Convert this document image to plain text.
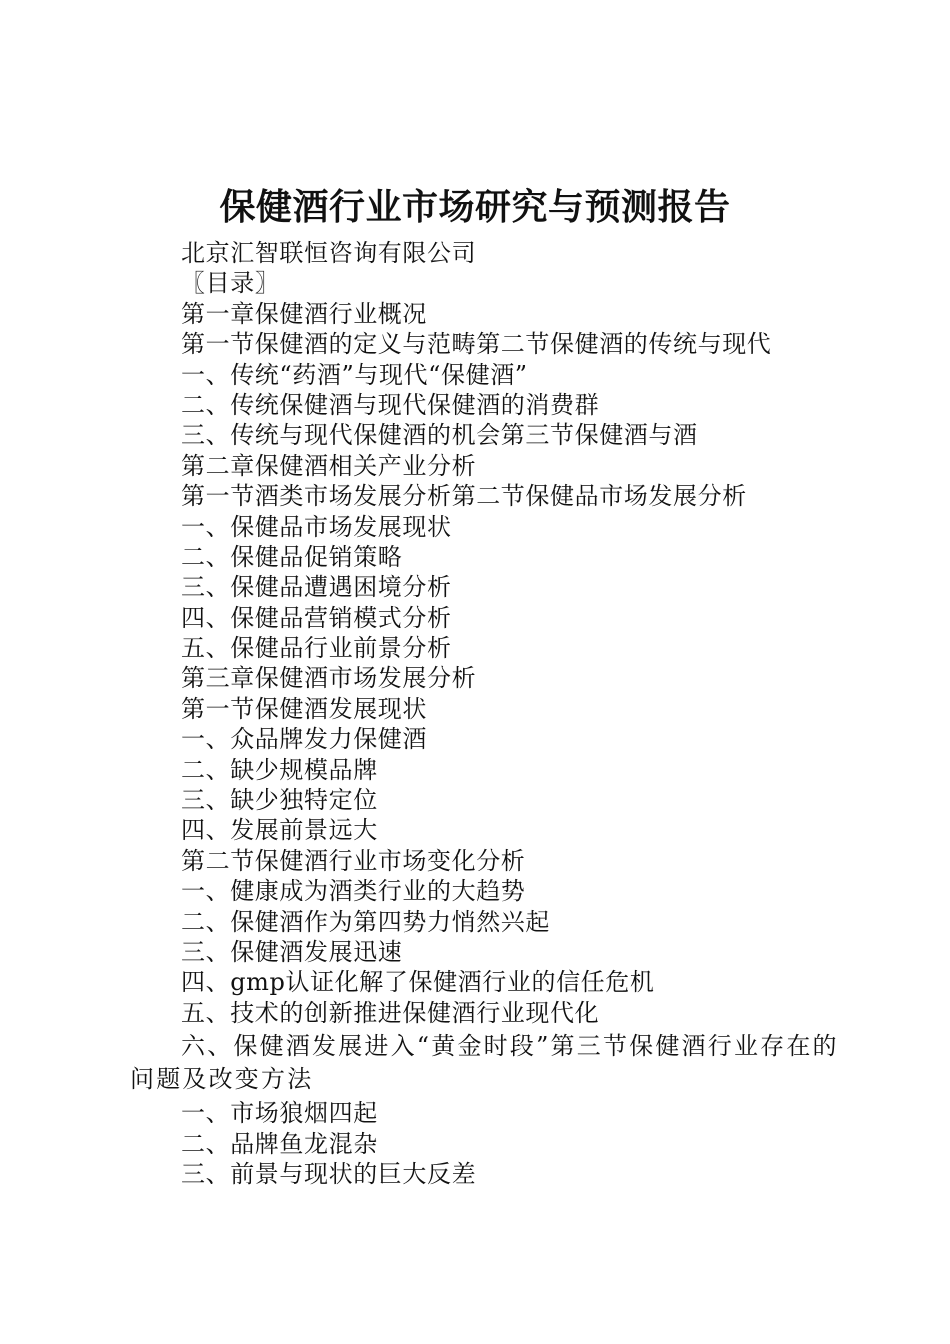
保健酒行业市场研究与预测报告
北京汇智联恒咨询有限公司
〖目录〗
第一章保健酒行业概况
第一节保健酒的定义与范畴第二节保健酒的传统与现代
一、传统“药酒”与现代“保健酒”
二、传统保健酒与现代保健酒的消费群
三、传统与现代保健酒的机会第三节保健酒与酒
第二章保健酒相关产业分析
第一节酒类市场发展分析第二节保健品市场发展分析
一、保健品市场发展现状
二、保健品促销策略
三、保健品遭遇困境分析
四、保健品营销模式分析
五、保健品行业前景分析
第三章保健酒市场发展分析
第一节保健酒发展现状
一、众品牌发力保健酒
二、缺少规模品牌
三、缺少独特定位
四、发展前景远大
第二节保健酒行业市场变化分析
一、健康成为酒类行业的大趋势
二、保健酒作为第四势力悄然兴起
三、保健酒发展迅速
四、gmp认证化解了保健酒行业的信任危机
五、技术的创新推进保健酒行业现代化
六、保健酒发展进入“黄金时段”第三节保健酒行业存在的问题及改变方法
一、市场狼烟四起
二、品牌鱼龙混杂
三、前景与现状的巨大反差
